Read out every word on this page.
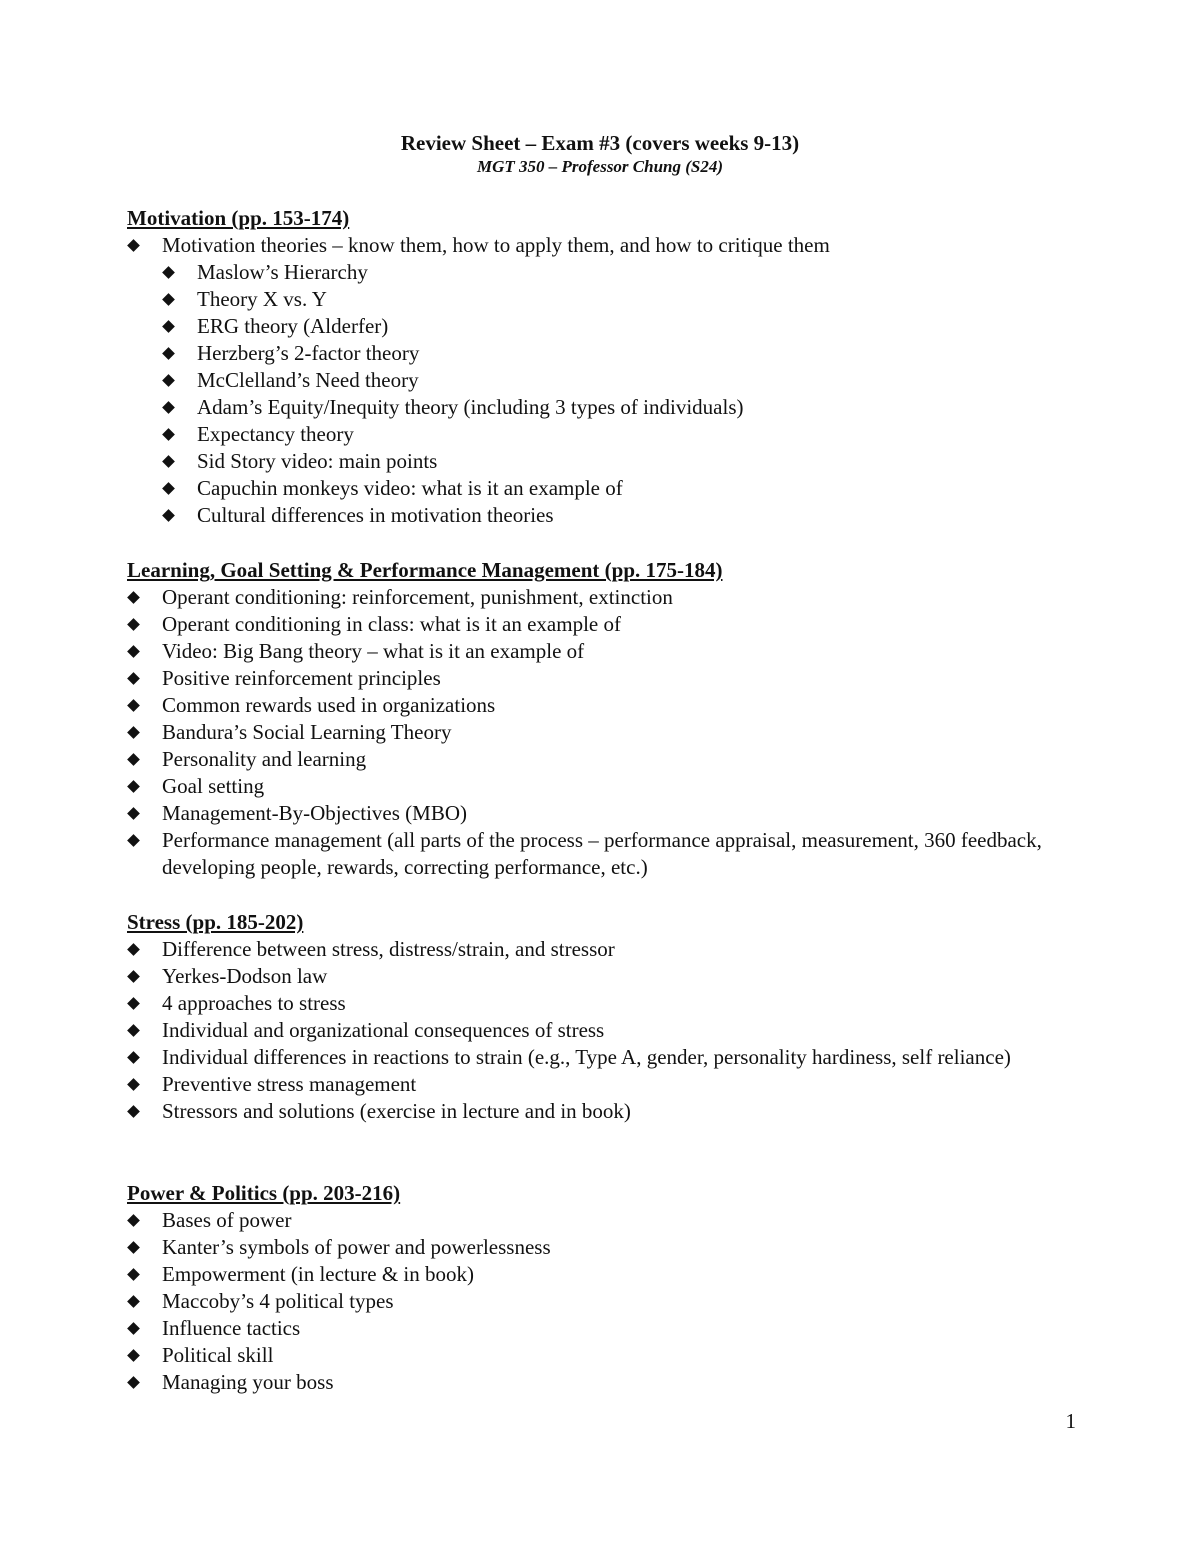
Review Sheet – Exam #3 (covers weeks 9-13)
MGT 350 – Professor Chung (S24)
Motivation (pp. 153-174)
Motivation theories – know them, how to apply them, and how to critique them
Maslow’s Hierarchy
Theory X vs. Y
ERG theory (Alderfer)
Herzberg’s 2-factor theory
McClelland’s Need theory
Adam’s Equity/Inequity theory (including 3 types of individuals)
Expectancy theory
Sid Story video: main points
Capuchin monkeys video: what is it an example of
Cultural differences in motivation theories
Learning, Goal Setting & Performance Management (pp. 175-184)
Operant conditioning: reinforcement, punishment, extinction
Operant conditioning in class: what is it an example of
Video: Big Bang theory – what is it an example of
Positive reinforcement principles
Common rewards used in organizations
Bandura’s Social Learning Theory
Personality and learning
Goal setting
Management-By-Objectives (MBO)
Performance management (all parts of the process – performance appraisal, measurement, 360 feedback, developing people, rewards, correcting performance, etc.)
Stress (pp. 185-202)
Difference between stress, distress/strain, and stressor
Yerkes-Dodson law
4 approaches to stress
Individual and organizational consequences of stress
Individual differences in reactions to strain (e.g., Type A, gender, personality hardiness, self reliance)
Preventive stress management
Stressors and solutions (exercise in lecture and in book)
Power & Politics (pp. 203-216)
Bases of power
Kanter’s symbols of power and powerlessness
Empowerment (in lecture & in book)
Maccoby’s 4 political types
Influence tactics
Political skill
Managing your boss
1
